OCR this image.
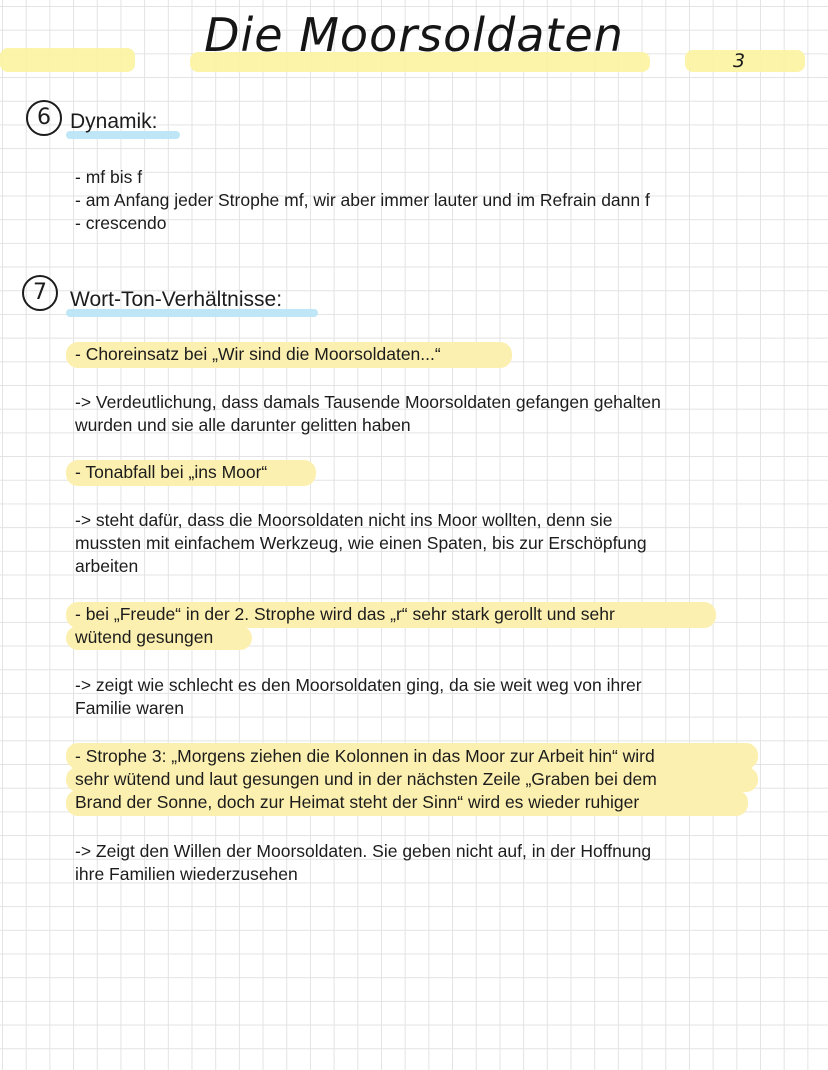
Die Moorsoldaten	3
6 Dynamik:
- mf bis f
- am Anfang jeder Strophe mf, wir aber immer lauter und im Refrain dann f
- crescendo
7	Wort-Ton-Verhältnisse:
- Choreinsatz bei „Wir sind die Moorsoldaten...“
-> Verdeutlichung, dass damals Tausende Moorsoldaten gefangen gehalten
wurden und sie alle darunter gelitten haben
- Tonabfall bei „ins Moor“
-> steht dafür, dass die Moorsoldaten nicht ins Moor wollten, denn sie
mussten mit einfachem Werkzeug, wie einen Spaten, bis zur Erschöpfung
arbeiten
- bei „Freude“ in der 2. Strophe wird das „r“ sehr stark gerollt und sehr
wütend gesungen
-> zeigt wie schlecht es den Moorsoldaten ging, da sie weit weg von ihrer
Familie waren
- Strophe 3: „Morgens ziehen die Kolonnen in das Moor zur Arbeit hin“ wird
sehr wütend und laut gesungen und in der nächsten Zeile „Graben bei dem
Brand der Sonne, doch zur Heimat steht der Sinn“ wird es wieder ruhiger
-> Zeigt den Willen der Moorsoldaten. Sie geben nicht auf, in der Hoffnung
ihre Familien wiederzusehen
